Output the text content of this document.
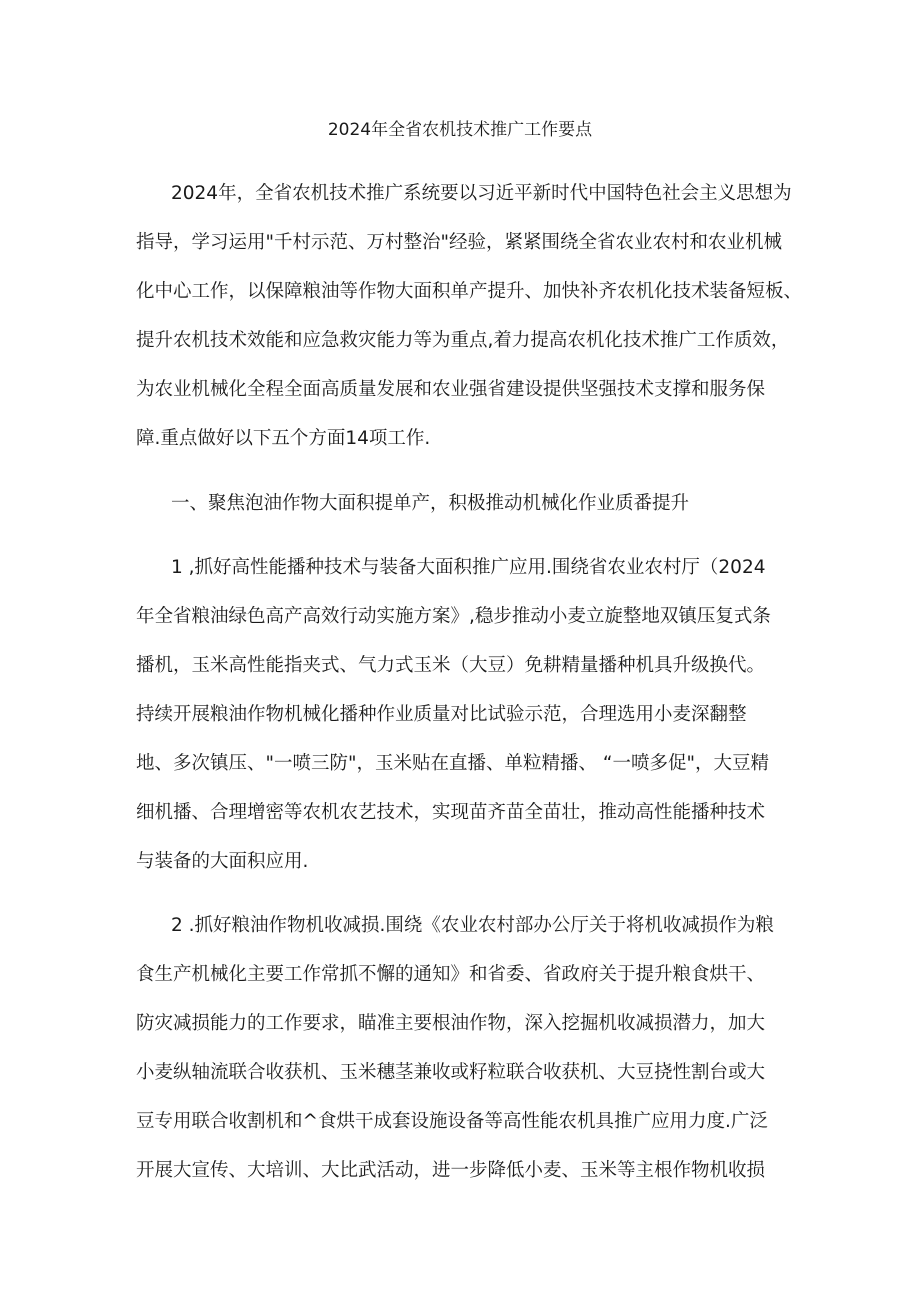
2024年全省农机技术推广工作要点

2024年，全省农机技术推广系统要以习近平新时代中国特色社会主义思想为

指导，学习运用"千村示范、万村整治"经验，紧紧围绕全省农业农村和农业机械

化中心工作，以保障粮油等作物大面积单产提升、加快补齐农机化技术装备短板、

提升农机技术效能和应急救灾能力等为重点,着力提高农机化技术推广工作质效，

为农业机械化全程全面高质量发展和农业强省建设提供坚强技术支撑和服务保

障.重点做好以下五个方面14项工作.

一、聚焦泡油作物大面积提单产，积极推动机械化作业质番提升

1 ,抓好高性能播种技术与装备大面积推广应用.围绕省农业农村厅（2024

年全省粮油绿色高产高效行动实施方案》,稳步推动小麦立旋整地双镇压复式条

播机，玉米高性能指夹式、气力式玉米（大豆）免耕精量播种机具升级换代。

持续开展粮油作物机械化播种作业质量对比试验示范，合理选用小麦深翻整

地、多次镇压、"一喷三防"，玉米贴在直播、单粒精播、 “一喷多促"，大豆精

细机播、合理增密等农机农艺技术，实现苗齐苗全苗壮，推动高性能播种技术

与装备的大面积应用.

2 .抓好粮油作物机收减损.围绕《农业农村部办公厅关于将机收减损作为粮

食生产机械化主要工作常抓不懈的通知》和省委、省政府关于提升粮食烘干、

防灾减损能力的工作要求，瞄准主要根油作物，深入挖掘机收减损潜力，加大

小麦纵轴流联合收获机、玉米穗茎兼收或籽粒联合收获机、大豆挠性割台或大

豆专用联合收割机和^食烘干成套设施设备等高性能农机具推广应用力度.广泛

开展大宣传、大培训、大比武活动，进一步降低小麦、玉米等主根作物机收损
